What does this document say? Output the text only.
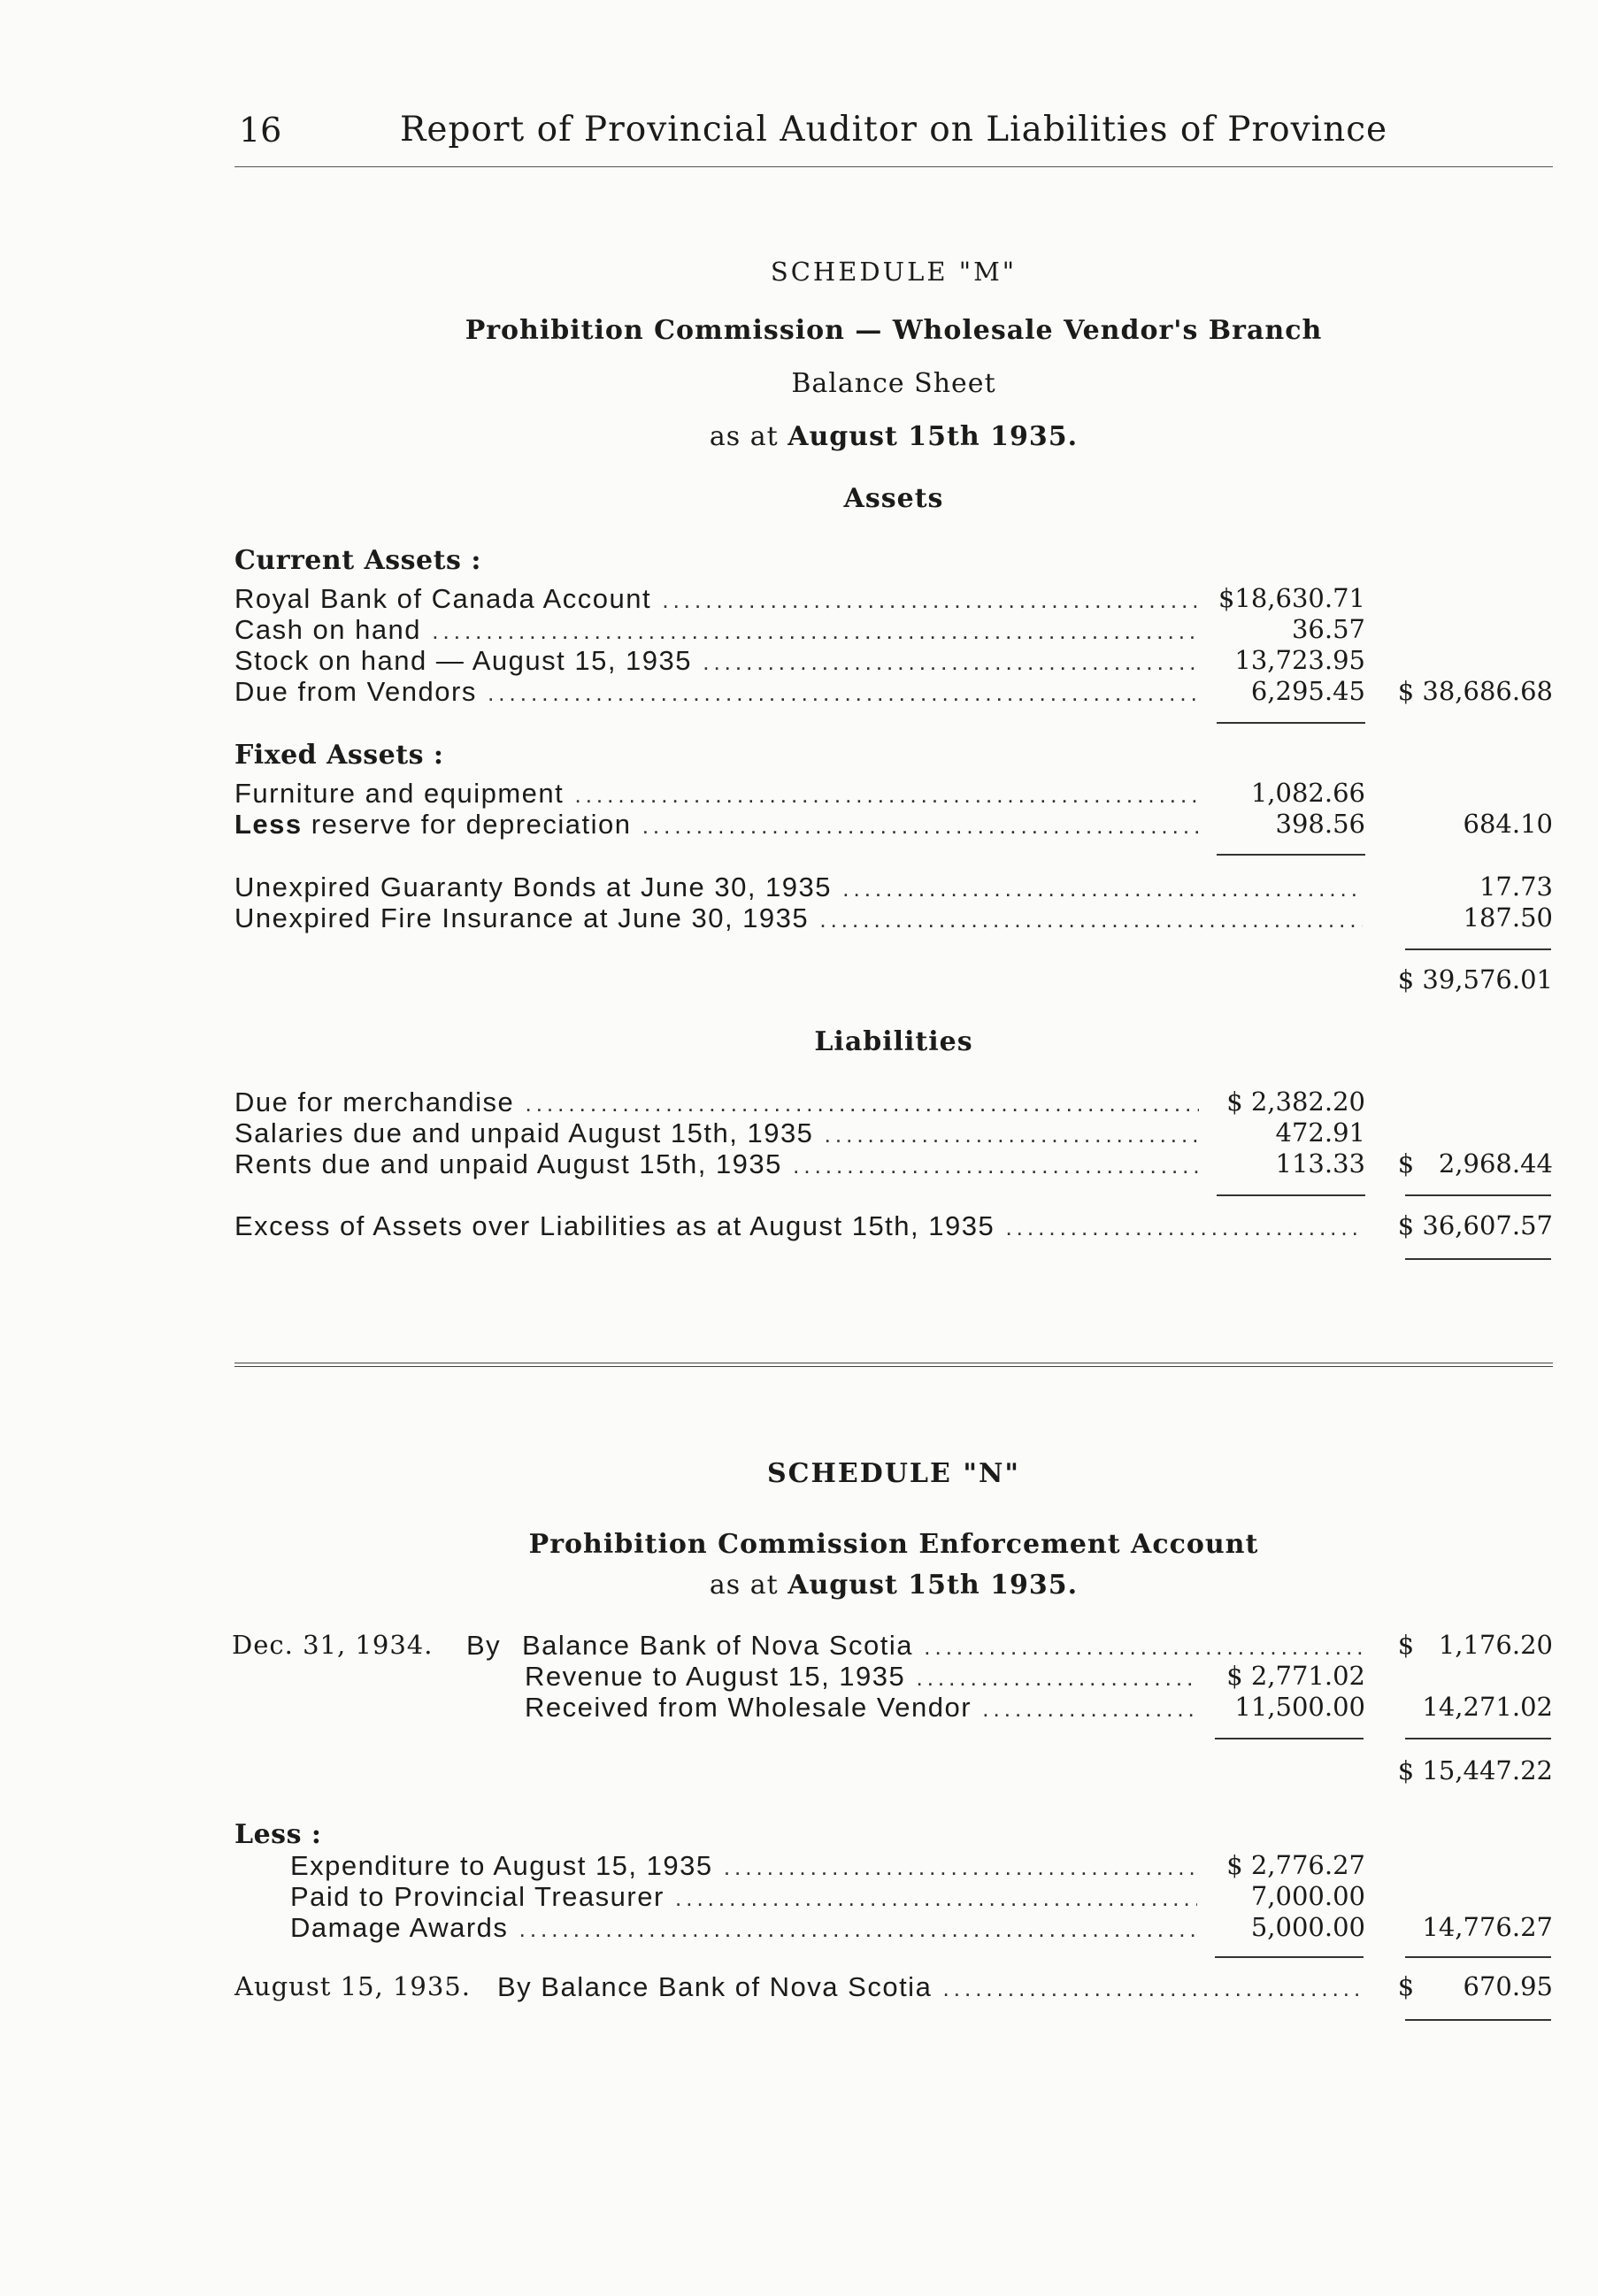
16	Report of Provincial Auditor on Liabilities of Province
SCHEDULE "M"
Prohibition Commission — Wholesale Vendor's Branch
Balance Sheet
as at August 15th 1935.
Assets
Current Assets :
Royal Bank of Canada Account .....	$18,630.71
Cash on hand .....	36.57
Stock on hand — August 15, 1935 .....	13,723.95
Due from Vendors .....	6,295.45	$ 38,686.68
Fixed Assets :
Furniture and equipment .....	1,082.66
Less reserve for depreciation .....	398.56	684.10
Unexpired Guaranty Bonds at June 30, 1935 .....	17.73
Unexpired Fire Insurance at June 30, 1935 .....	187.50
$ 39,576.01
Liabilities
Due for merchandise .....	$ 2,382.20
Salaries due and unpaid August 15th, 1935 .....	472.91
Rents due and unpaid August 15th, 1935 .....	113.33	$   2,968.44
Excess of Assets over Liabilities as at August 15th, 1935 .....	$ 36,607.57
SCHEDULE "N"
Prohibition Commission Enforcement Account
as at August 15th 1935.
Dec. 31, 1934. By Balance Bank of Nova Scotia .....	$   1,176.20
Revenue to August 15, 1935 .....	$ 2,771.02
Received from Wholesale Vendor .....	11,500.00	14,271.02
$ 15,447.22
Less :
Expenditure to August 15, 1935 .....	$ 2,776.27
Paid to Provincial Treasurer .....	7,000.00
Damage Awards .....	5,000.00	14,776.27
August 15, 1935. By Balance Bank of Nova Scotia .....	$      670.95
